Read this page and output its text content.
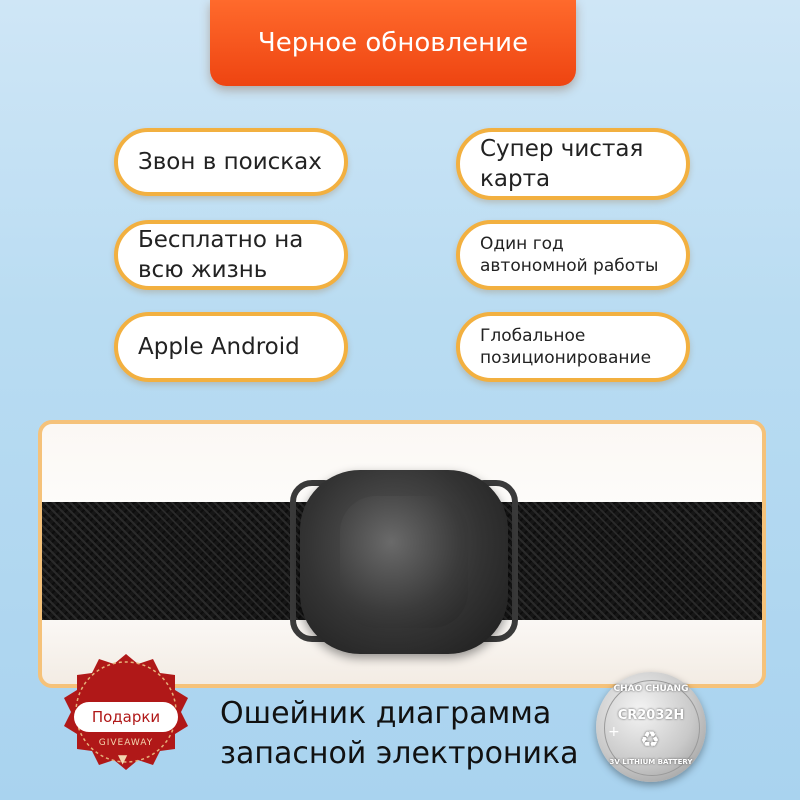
Черное обновление
Звон в поисках	Супер чистая
карта
Бесплатно на
всю жизнь
Один год
автономной работы
Apple Android	Глобальное
позиционирование
Подарки
GIVEAWAY
▼
Ошейник диаграмма
запасной электроника
CHAO CHUANG
CR2032H
+ ♻
3V LITHIUM BATTERY
